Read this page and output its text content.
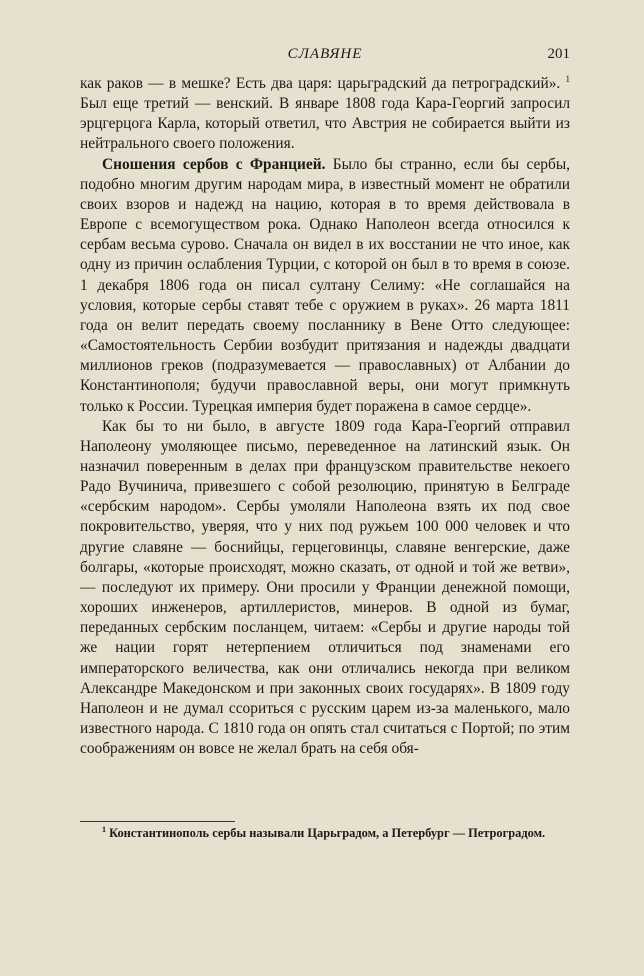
СЛАВЯНЕ	201

как раков — в мешке? Есть два царя: царьградский да петроградский». $^1$ Был еще третий — венский. В январе 1808 года Кара-Георгий запросил эрцгерцога Карла, который ответил, что Австрия не собирается выйти из нейтрального своего положения.

Сношения сербов с Францией. Было бы странно, если бы сербы, подобно многим другим народам мира, в известный момент не обратили своих взоров и надежд на нацию, которая в то время действовала в Европе с всемогуществом рока. Однако Наполеон всегда относился к сербам весьма сурово. Сначала он видел в их восстании не что иное, как одну из причин ослабления Турции, с которой он был в то время в союзе. 1 декабря 1806 года он писал султану Селиму: «Не соглашайся на условия, которые сербы ставят тебе с оружием в руках». 26 марта 1811 года он велит передать своему посланнику в Вене Отто следующее: «Самостоятельность Сербии возбудит притязания и надежды двадцати миллионов греков (подразумевается — православных) от Албании до Константинополя; будучи православной веры, они могут примкнуть только к России. Турецкая империя будет поражена в самое сердце».

Как бы то ни было, в августе 1809 года Кара-Георгий отправил Наполеону умоляющее письмо, переведенное на латинский язык. Он назначил поверенным в делах при французском правительстве некоего Радо Вучинича, привезшего с собой резолюцию, принятую в Белграде «сербским народом». Сербы умоляли Наполеона взять их под свое покровительство, уверяя, что у них под ружьем 100 000 человек и что другие славяне — боснийцы, герцеговинцы, славяне венгерские, даже болгары, «которые происходят, можно сказать, от одной и той же ветви», — последуют их примеру. Они просили у Франции денежной помощи, хороших инженеров, артиллеристов, минеров. В одной из бумаг, переданных сербским посланцем, читаем: «Сербы и другие народы той же нации горят нетерпением отличиться под знаменами его императорского величества, как они отличались некогда при великом Александре Македонском и при законных своих государях». В 1809 году Наполеон и не думал ссориться с русским царем из-за маленького, мало известного народа. С 1810 года он опять стал считаться с Портой; по этим соображениям он вовсе не желал брать на себя обя-

$^1$ Константинополь сербы называли Царьградом, а Петербург — Петроградом.
